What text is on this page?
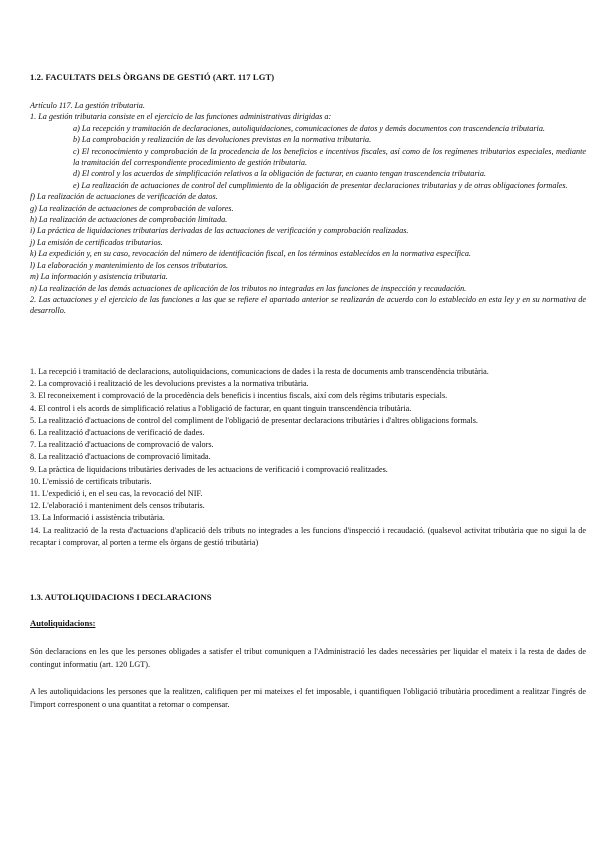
1.2. FACULTATS DELS ÒRGANS DE GESTIÓ (ART. 117 LGT)

Artículo 117. La gestión tributaria.

1. La gestión tributaria consiste en el ejercicio de las funciones administrativas dirigidas a:

a) La recepción y tramitación de declaraciones, autoliquidaciones, comunicaciones de datos y demás documentos con trascendencia tributaria.

b) La comprobación y realización de las devoluciones previstas en la normativa tributaria.

c) El reconocimiento y comprobación de la procedencia de los beneficios e incentivos fiscales, así como de los regímenes tributarios especiales, mediante la tramitación del correspondiente procedimiento de gestión tributaria.

d) El control y los acuerdos de simplificación relativos a la obligación de facturar, en cuanto tengan trascendencia tributaria.

e) La realización de actuaciones de control del cumplimiento de la obligación de presentar declaraciones tributarias y de otras obligaciones formales.

f) La realización de actuaciones de verificación de datos.

g) La realización de actuaciones de comprobación de valores.

h) La realización de actuaciones de comprobación limitada.

i) La práctica de liquidaciones tributarias derivadas de las actuaciones de verificación y comprobación realizadas.

j) La emisión de certificados tributarios.

k) La expedición y, en su caso, revocación del número de identificación fiscal, en los términos establecidos en la normativa específica.

l) La elaboración y mantenimiento de los censos tributarios.

m) La información y asistencia tributaria.

n) La realización de las demás actuaciones de aplicación de los tributos no integradas en las funciones de inspección y recaudación.

2. Las actuaciones y el ejercicio de las funciones a las que se refiere el apartado anterior se realizarán de acuerdo con lo establecido en esta ley y en su normativa de desarrollo.

1. La recepció i tramitació de declaracions, autoliquidacions, comunicacions de dades i la resta de documents amb transcendència tributària.

2. La comprovació i realització de les devolucions previstes a la normativa tributària.

3. El reconeixement i comprovació de la procedència dels beneficis i incentius fiscals, així com dels règims tributaris especials.

4. El control i els acords de simplificació relatius a l'obligació de facturar, en quant tinguin transcendència tributària.

5. La realització d'actuacions de control del compliment de l'obligació de presentar declaracions tributàries i d'altres obligacions formals.

6. La realització d'actuacions de verificació de dades.

7. La realització d'actuacions de comprovació de valors.

8. La realització d'actuacions de comprovació limitada.

9. La pràctica de liquidacions tributàries derivades de les actuacions de verificació i comprovació realitzades.

10. L'emissió de certificats tributaris.

11. L'expedició i, en el seu cas, la revocació del NIF.

12. L'elaboració i manteniment dels censos tributaris.

13. La Informació i assistència tributària.

14. La realització de la resta d'actuacions d'aplicació dels tributs no integrades a les funcions d'inspecció i recaudació. (qualsevol activitat tributària que no sigui la de recaptar i comprovar, al porten a terme els òrgans de gestió tributària)

1.3. AUTOLIQUIDACIONS I DECLARACIONS
Autoliquidacions:
Són declaracions en les que les persones obligades a satisfer el tribut comuniquen a l'Administració les dades necessàries per liquidar el mateix i la resta de dades de contingut informatiu (art. 120 LGT).
A les autoliquidacions les persones que la realitzen, califiquen per mi mateixes el fet imposable, i quantifiquen l'obligació tributària procediment a realitzar l'ingrés de l'import corresponent o una quantitat a retornar o compensar.
